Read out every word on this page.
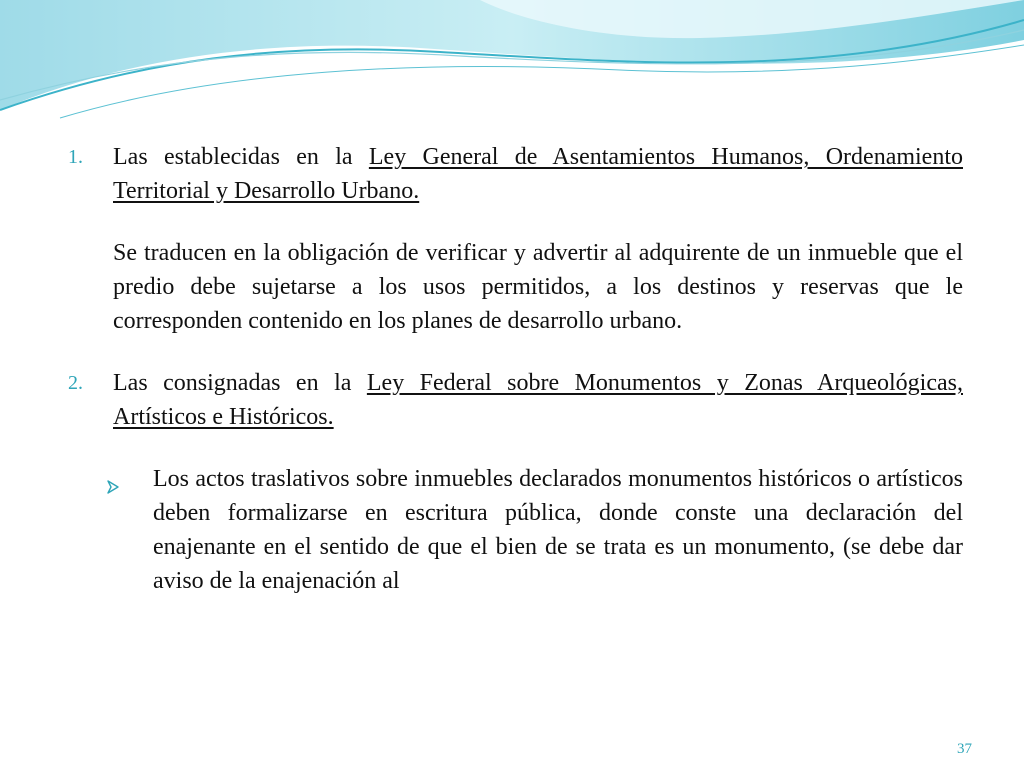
1.	Las establecidas en la Ley General de Asentamientos Humanos, Ordenamiento Territorial y Desarrollo Urbano.
Se traducen en la obligación de verificar y advertir al adquirente de un inmueble que el predio debe sujetarse a los usos permitidos, a los destinos y reservas que le corresponden contenido en los planes de desarrollo urbano.
2.	Las consignadas en la Ley Federal sobre Monumentos y Zonas Arqueológicas, Artísticos e Históricos.
Los actos traslativos sobre inmuebles declarados monumentos históricos o artísticos deben formalizarse en escritura pública, donde conste una declaración del enajenante en el sentido de que el bien de se trata es un monumento, (se debe dar aviso de la enajenación al
37
